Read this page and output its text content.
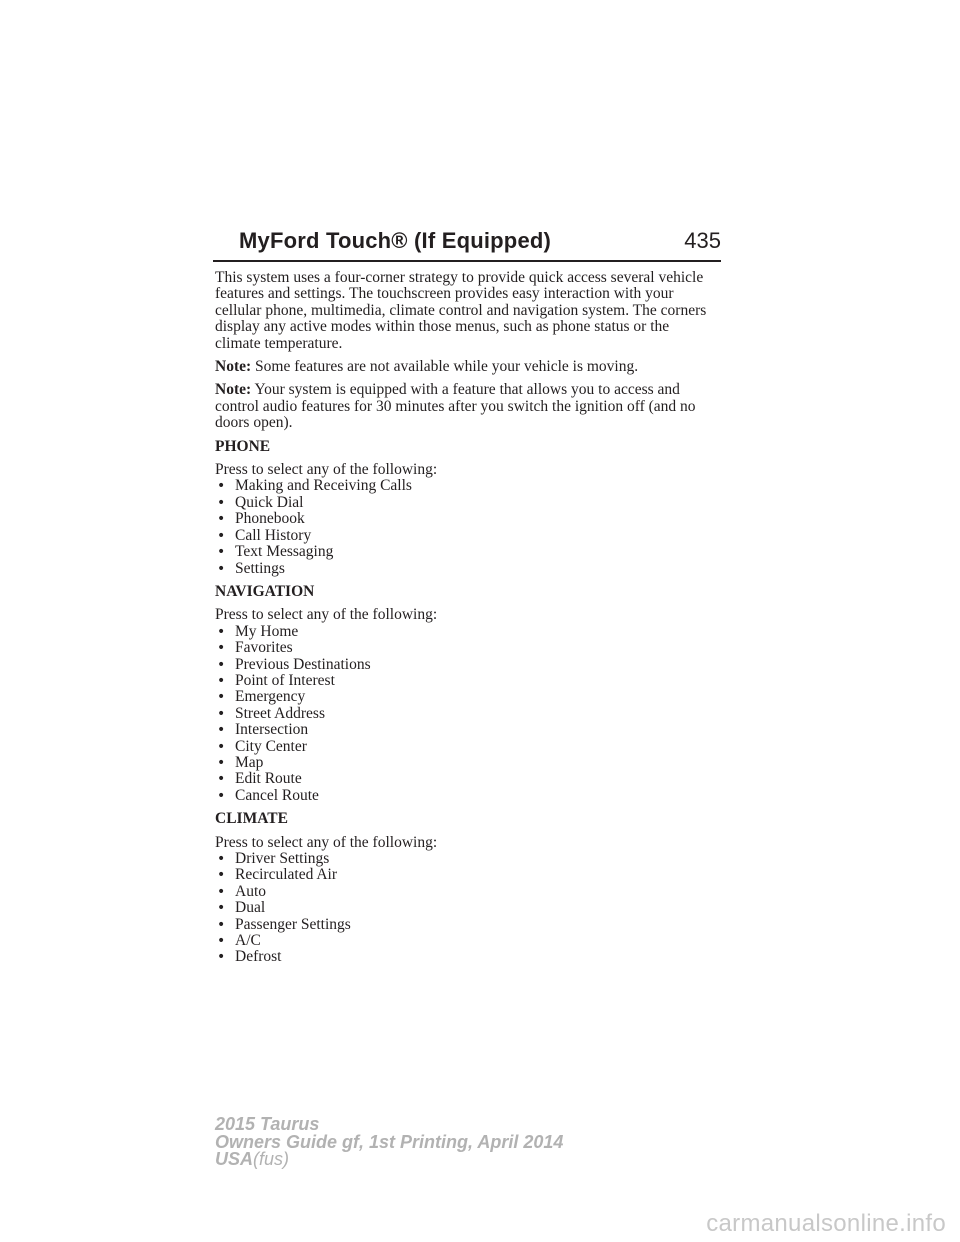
MyFord Touch® (If Equipped)	435

This system uses a four-corner strategy to provide quick access several vehicle features and settings. The touchscreen provides easy interaction with your cellular phone, multimedia, climate control and navigation system. The corners display any active modes within those menus, such as phone status or the climate temperature.

Note: Some features are not available while your vehicle is moving.

Note: Your system is equipped with a feature that allows you to access and control audio features for 30 minutes after you switch the ignition off (and no doors open).

PHONE
Press to select any of the following:
• Making and Receiving Calls
• Quick Dial
• Phonebook
• Call History
• Text Messaging
• Settings
NAVIGATION
Press to select any of the following:
• My Home
• Favorites
• Previous Destinations
• Point of Interest
• Emergency
• Street Address
• Intersection
• City Center
• Map
• Edit Route
• Cancel Route
CLIMATE
Press to select any of the following:
• Driver Settings
• Recirculated Air
• Auto
• Dual
• Passenger Settings
• A/C
• Defrost
2015 Taurus
Owners Guide gf, 1st Printing, April 2014
USA(fus)
carmanualsonline.info
